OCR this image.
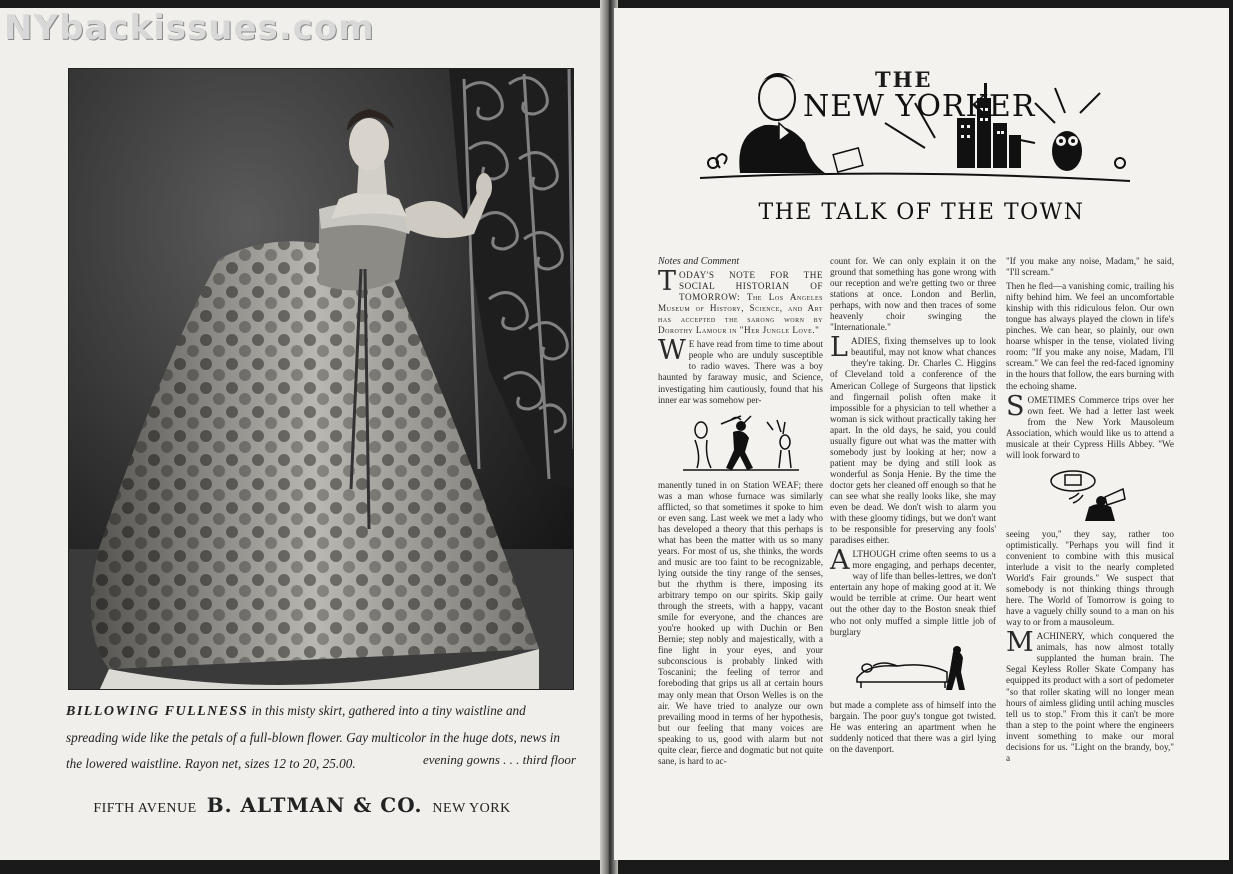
NYbackissues.com
BILLOWING FULLNESS in this misty skirt, gathered into a tiny waistline and spreading wide like the petals of a full-blown flower. Gay multicolor in the huge dots, news in the lowered waistline. Rayon net, sizes 12 to 20, 25.00.	evening gowns . . . third floor
FIFTH AVENUE B. ALTMAN & CO. NEW YORK
THE
NEW YORKER
THE TALK OF THE TOWN
Notes and Comment

TODAY'S NOTE FOR THE SOCIAL HISTORIAN OF TOMORROW: The Los Angeles Museum of History, Science, and Art has accepted the sarong worn by Dorothy Lamour in "Her Jungle Love."

W E have read from time to time about people who are unduly susceptible to radio waves. There was a boy haunted by faraway music, and Science, investigating him cautiously, found that his inner ear was somehow per-

manently tuned in on Station WEAF; there was a man whose furnace was similarly afflicted, so that sometimes it spoke to him or even sang. Last week we met a lady who has developed a theory that this perhaps is what has been the matter with us so many years. For most of us, she thinks, the words and music are too faint to be recognizable, lying outside the tiny range of the senses, but the rhythm is there, imposing its arbitrary tempo on our spirits. Skip gaily through the streets, with a happy, vacant smile for everyone, and the chances are you're hooked up with Duchin or Ben Bernie; step nobly and majestically, with a fine light in your eyes, and your subconscious is probably linked with Toscanini; the feeling of terror and foreboding that grips us all at certain hours may only mean that Orson Welles is on the air. We have tried to analyze our own prevailing mood in terms of her hypothesis, but our feeling that many voices are speaking to us, good with alarm but not quite clear, fierce and dogmatic but not quite sane, is hard to ac-

count for. We can only explain it on the ground that something has gone wrong with our reception and we're getting two or three stations at once. London and Berlin, perhaps, with now and then traces of some heavenly choir swinging the "Internationale."

LADIES, fixing themselves up to look beautiful, may not know what chances they're taking. Dr. Charles C. Higgins of Cleveland told a conference of the American College of Surgeons that lipstick and fingernail polish often make it impossible for a physician to tell whether a woman is sick without practically taking her apart. In the old days, he said, you could usually figure out what was the matter with somebody just by looking at her; now a patient may be dying and still look as wonderful as Sonja Henie. By the time the doctor gets her cleaned off enough so that he can see what she really looks like, she may even be dead. We don't wish to alarm you with these gloomy tidings, but we don't want to be responsible for preserving any fools' paradises either.

ALTHOUGH crime often seems to us a more engaging, and perhaps decenter, way of life than belles-lettres, we don't entertain any hope of making good at it. We would be terrible at crime. Our heart went out the other day to the Boston sneak thief who not only muffed a simple little job of burglary

but made a complete ass of himself into the bargain. The poor guy's tongue got twisted. He was entering an apartment when he suddenly noticed that there was a girl lying on the davenport.

"If you make any noise, Madam," he said, "I'll scream."

Then he fled—a vanishing comic, trailing his nifty behind him. We feel an uncomfortable kinship with this ridiculous felon. Our own tongue has always played the clown in life's pinches. We can hear, so plainly, our own hoarse whisper in the tense, violated living room: "If you make any noise, Madam, I'll scream." We can feel the red-faced ignominy in the hours that follow, the ears burning with the echoing shame.

SOMETIMES Commerce trips over her own feet. We had a letter last week from the New York Mausoleum Association, which would like us to attend a musicale at their Cypress Hills Abbey. "We will look forward to

seeing you," they say, rather too optimistically. "Perhaps you will find it convenient to combine with this musical interlude a visit to the nearly completed World's Fair grounds." We suspect that somebody is not thinking things through here. The World of Tomorrow is going to have a vaguely chilly sound to a man on his way to or from a mausoleum.

MACHINERY, which conquered the animals, has now almost totally supplanted the human brain. The Segal Keyless Roller Skate Company has equipped its product with a sort of pedometer "so that roller skating will no longer mean hours of aimless gliding until aching muscles tell us to stop." From this it can't be more than a step to the point where the engineers invent something to make our moral decisions for us. "Light on the brandy, boy," a
